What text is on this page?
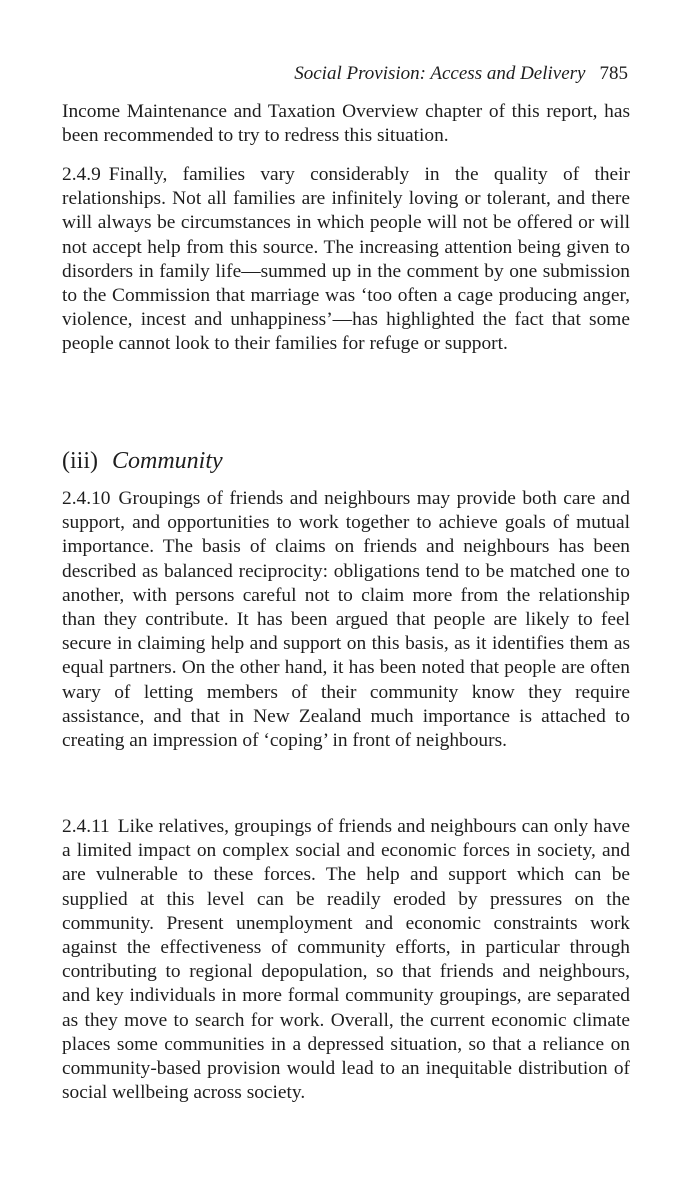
Social Provision: Access and Delivery 785

Income Maintenance and Taxation Overview chapter of this report, has been recommended to try to redress this situation.

2.4.9 Finally, families vary considerably in the quality of their relationships. Not all families are infinitely loving or tolerant, and there will always be circumstances in which people will not be offered or will not accept help from this source. The increasing attention being given to disorders in family life—summed up in the comment by one submission to the Commission that marriage was ‘too often a cage producing anger, violence, incest and unhappiness’—has highlighted the fact that some people cannot look to their families for refuge or support.

(iii) Community

2.4.10 Groupings of friends and neighbours may provide both care and support, and opportunities to work together to achieve goals of mutual importance. The basis of claims on friends and neighbours has been described as balanced reciprocity: obligations tend to be matched one to another, with persons careful not to claim more from the relationship than they contribute. It has been argued that people are likely to feel secure in claiming help and support on this basis, as it identifies them as equal partners. On the other hand, it has been noted that people are often wary of letting members of their community know they require assistance, and that in New Zealand much importance is attached to creating an impression of ‘coping’ in front of neighbours.

2.4.11 Like relatives, groupings of friends and neighbours can only have a limited impact on complex social and economic forces in society, and are vulnerable to these forces. The help and support which can be supplied at this level can be readily eroded by pressures on the community. Present unemployment and economic constraints work against the effectiveness of community efforts, in particular through contributing to regional depopulation, so that friends and neighbours, and key individuals in more formal community groupings, are separated as they move to search for work. Overall, the current economic climate places some communities in a depressed situation, so that a reliance on community-based provision would lead to an inequitable distribution of social wellbeing across society.
